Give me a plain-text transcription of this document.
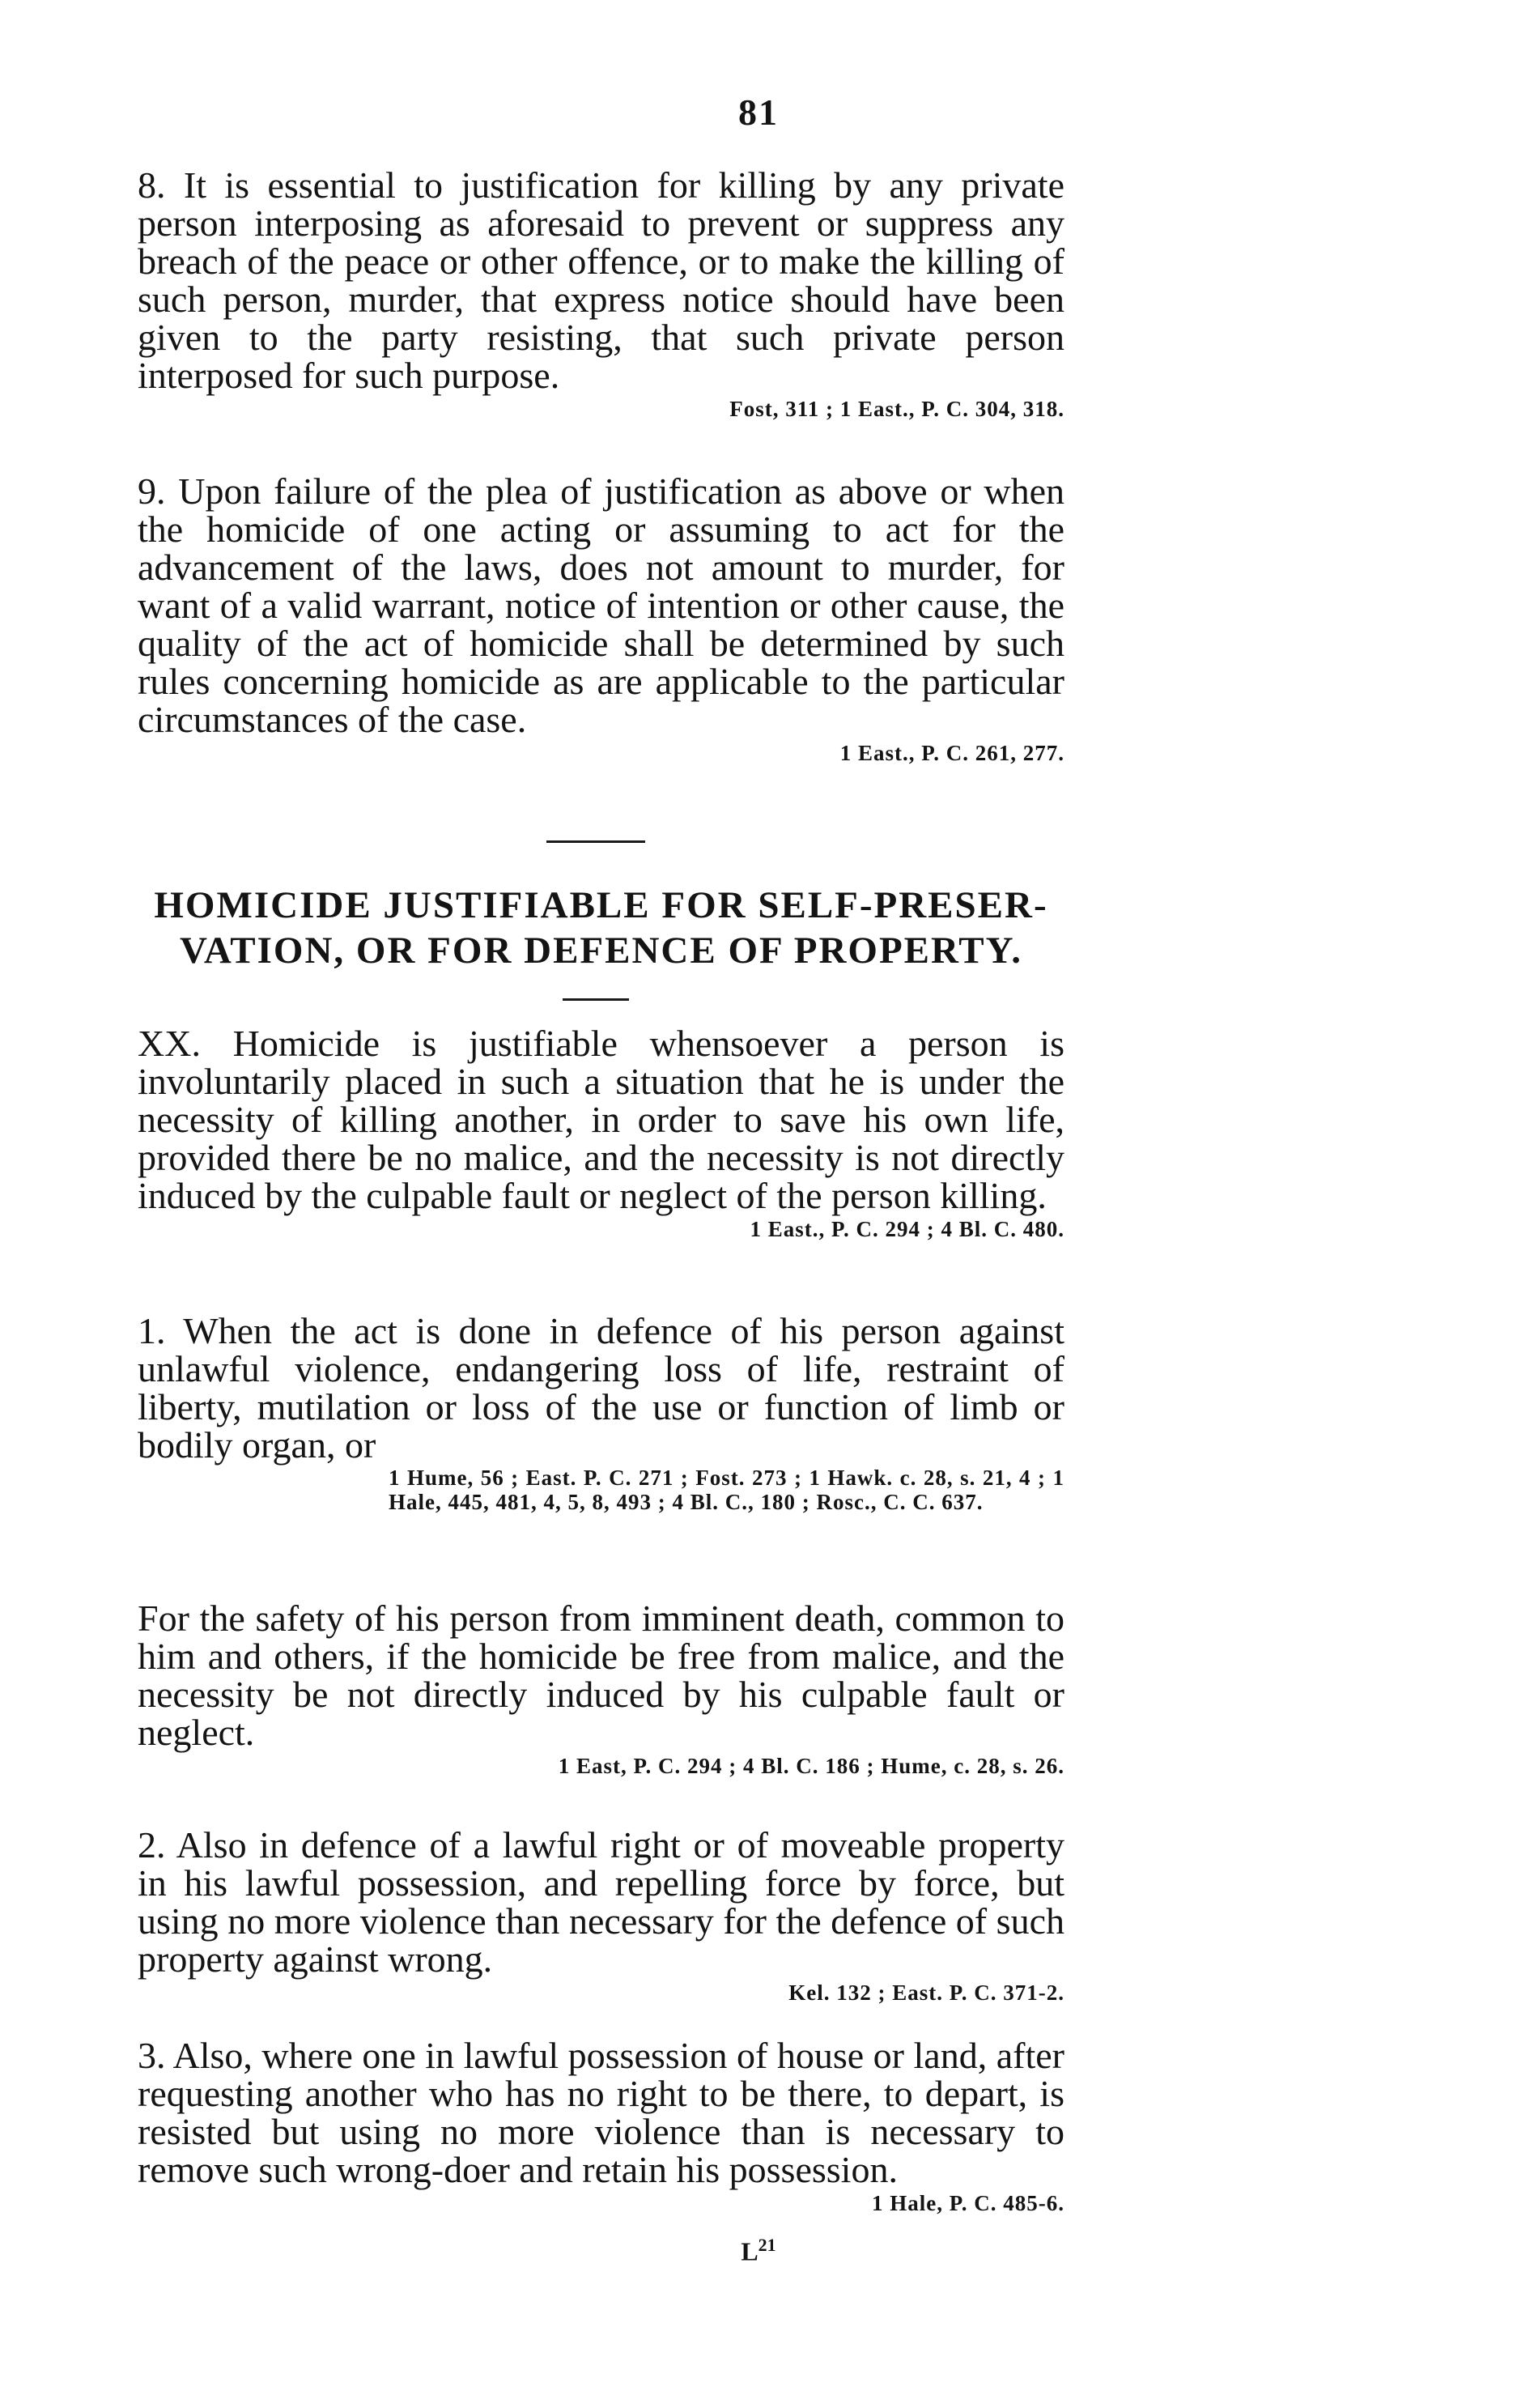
81

8. It is essential to justification for killing by any private person interposing as aforesaid to prevent or suppress any breach of the peace or other offence, or to make the killing of such person, murder, that express notice should have been given to the party resisting, that such private person interposed for such purpose.

Fost, 311 ; 1 East., P. C. 304, 318.

9. Upon failure of the plea of justification as above or when the homicide of one acting or assuming to act for the advancement of the laws, does not amount to murder, for want of a valid warrant, notice of intention or other cause, the quality of the act of homicide shall be determined by such rules concerning homicide as are applicable to the particular circumstances of the case.

1 East., P. C. 261, 277.

HOMICIDE JUSTIFIABLE FOR SELF-PRESER-
VATION, OR FOR DEFENCE OF PROPERTY.

XX. Homicide is justifiable whensoever a person is involuntarily placed in such a situation that he is under the necessity of killing another, in order to save his own life, provided there be no malice, and the necessity is not directly induced by the culpable fault or neglect of the person killing.

1 East., P. C. 294 ; 4 Bl. C. 480.

1. When the act is done in defence of his person against unlawful violence, endangering loss of life, restraint of liberty, mutilation or loss of the use or function of limb or bodily organ, or

1 Hume, 56 ; East. P. C. 271 ; Fost. 273 ; 1 Hawk. c. 28, s. 21, 4 ; 1 Hale, 445, 481, 4, 5, 8, 493 ; 4 Bl. C., 180 ; Rosc., C. C. 637.

For the safety of his person from imminent death, common to him and others, if the homicide be free from malice, and the necessity be not directly induced by his culpable fault or neglect.

1 East, P. C. 294 ; 4 Bl. C. 186 ; Hume, c. 28, s. 26.

2. Also in defence of a lawful right or of moveable property in his lawful possession, and repelling force by force, but using no more violence than necessary for the defence of such property against wrong.

Kel. 132 ; East. P. C. 371-2.

3. Also, where one in lawful possession of house or land, after requesting another who has no right to be there, to depart, is resisted but using no more violence than is necessary to remove such wrong-doer and retain his possession.

1 Hale, P. C. 485-6.

$L^{21}$
